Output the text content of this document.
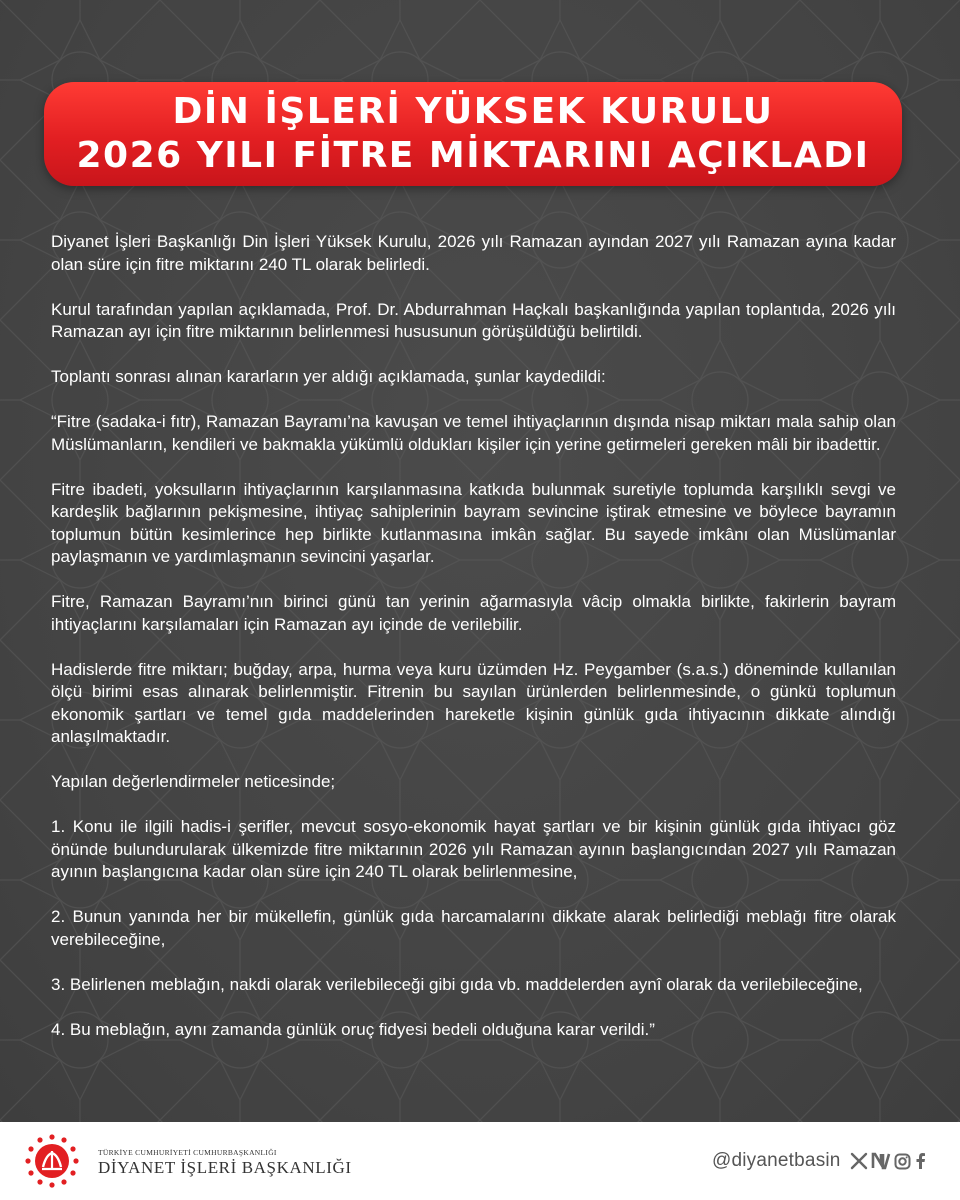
DİN İŞLERİ YÜKSEK KURULU
2026 YILI FİTRE MİKTARINI AÇIKLADI

Diyanet İşleri Başkanlığı Din İşleri Yüksek Kurulu, 2026 yılı Ramazan ayından 2027 yılı Ramazan ayına kadar olan süre için fitre miktarını 240 TL olarak belirledi.

Kurul tarafından yapılan açıklamada, Prof. Dr. Abdurrahman Haçkalı başkanlığında yapılan toplantıda, 2026 yılı Ramazan ayı için fitre miktarının belirlenmesi hususunun görüşüldüğü belirtildi.

Toplantı sonrası alınan kararların yer aldığı açıklamada, şunlar kaydedildi:

“Fitre (sadaka-i fıtr), Ramazan Bayramı’na kavuşan ve temel ihtiyaçlarının dışında nisap miktarı mala sahip olan Müslümanların, kendileri ve bakmakla yükümlü oldukları kişiler için yerine getirmeleri gereken mâli bir ibadettir.

Fitre ibadeti, yoksulların ihtiyaçlarının karşılanmasına katkıda bulunmak suretiyle toplumda karşılıklı sevgi ve kardeşlik bağlarının pekişmesine, ihtiyaç sahiplerinin bayram sevincine iştirak etmesine ve böylece bayramın toplumun bütün kesimlerince hep birlikte kutlanmasına imkân sağlar. Bu sayede imkânı olan Müslümanlar paylaşmanın ve yardımlaşmanın sevincini yaşarlar.

Fitre, Ramazan Bayramı’nın birinci günü tan yerinin ağarmasıyla vâcip olmakla birlikte, fakirlerin bayram ihtiyaçlarını karşılamaları için Ramazan ayı içinde de verilebilir.

Hadislerde fitre miktarı; buğday, arpa, hurma veya kuru üzümden Hz. Peygamber (s.a.s.) döneminde kullanılan ölçü birimi esas alınarak belirlenmiştir. Fitrenin bu sayılan ürünlerden belirlenmesinde, o günkü toplumun ekonomik şartları ve temel gıda maddelerinden hareketle kişinin günlük gıda ihtiyacının dikkate alındığı anlaşılmaktadır.

Yapılan değerlendirmeler neticesinde;

1. Konu ile ilgili hadis-i şerifler, mevcut sosyo-ekonomik hayat şartları ve bir kişinin günlük gıda ihtiyacı göz önünde bulundurularak ülkemizde fitre miktarının 2026 yılı Ramazan ayının başlangıcından 2027 yılı Ramazan ayının başlangıcına kadar olan süre için 240 TL olarak belirlenmesine,

2. Bunun yanında her bir mükellefin, günlük gıda harcamalarını dikkate alarak belirlediği meblağı fitre olarak verebileceğine,

3. Belirlenen meblağın, nakdi olarak verilebileceği gibi gıda vb. maddelerden aynî olarak da verilebileceğine,

4. Bu meblağın, aynı zamanda günlük oruç fidyesi bedeli olduğuna karar verildi.”

TÜRKİYE CUMHURİYETİ CUMHURBAŞKANLIĞI
DİYANET İŞLERİ BAŞKANLIĞI	@diyanetbasin
